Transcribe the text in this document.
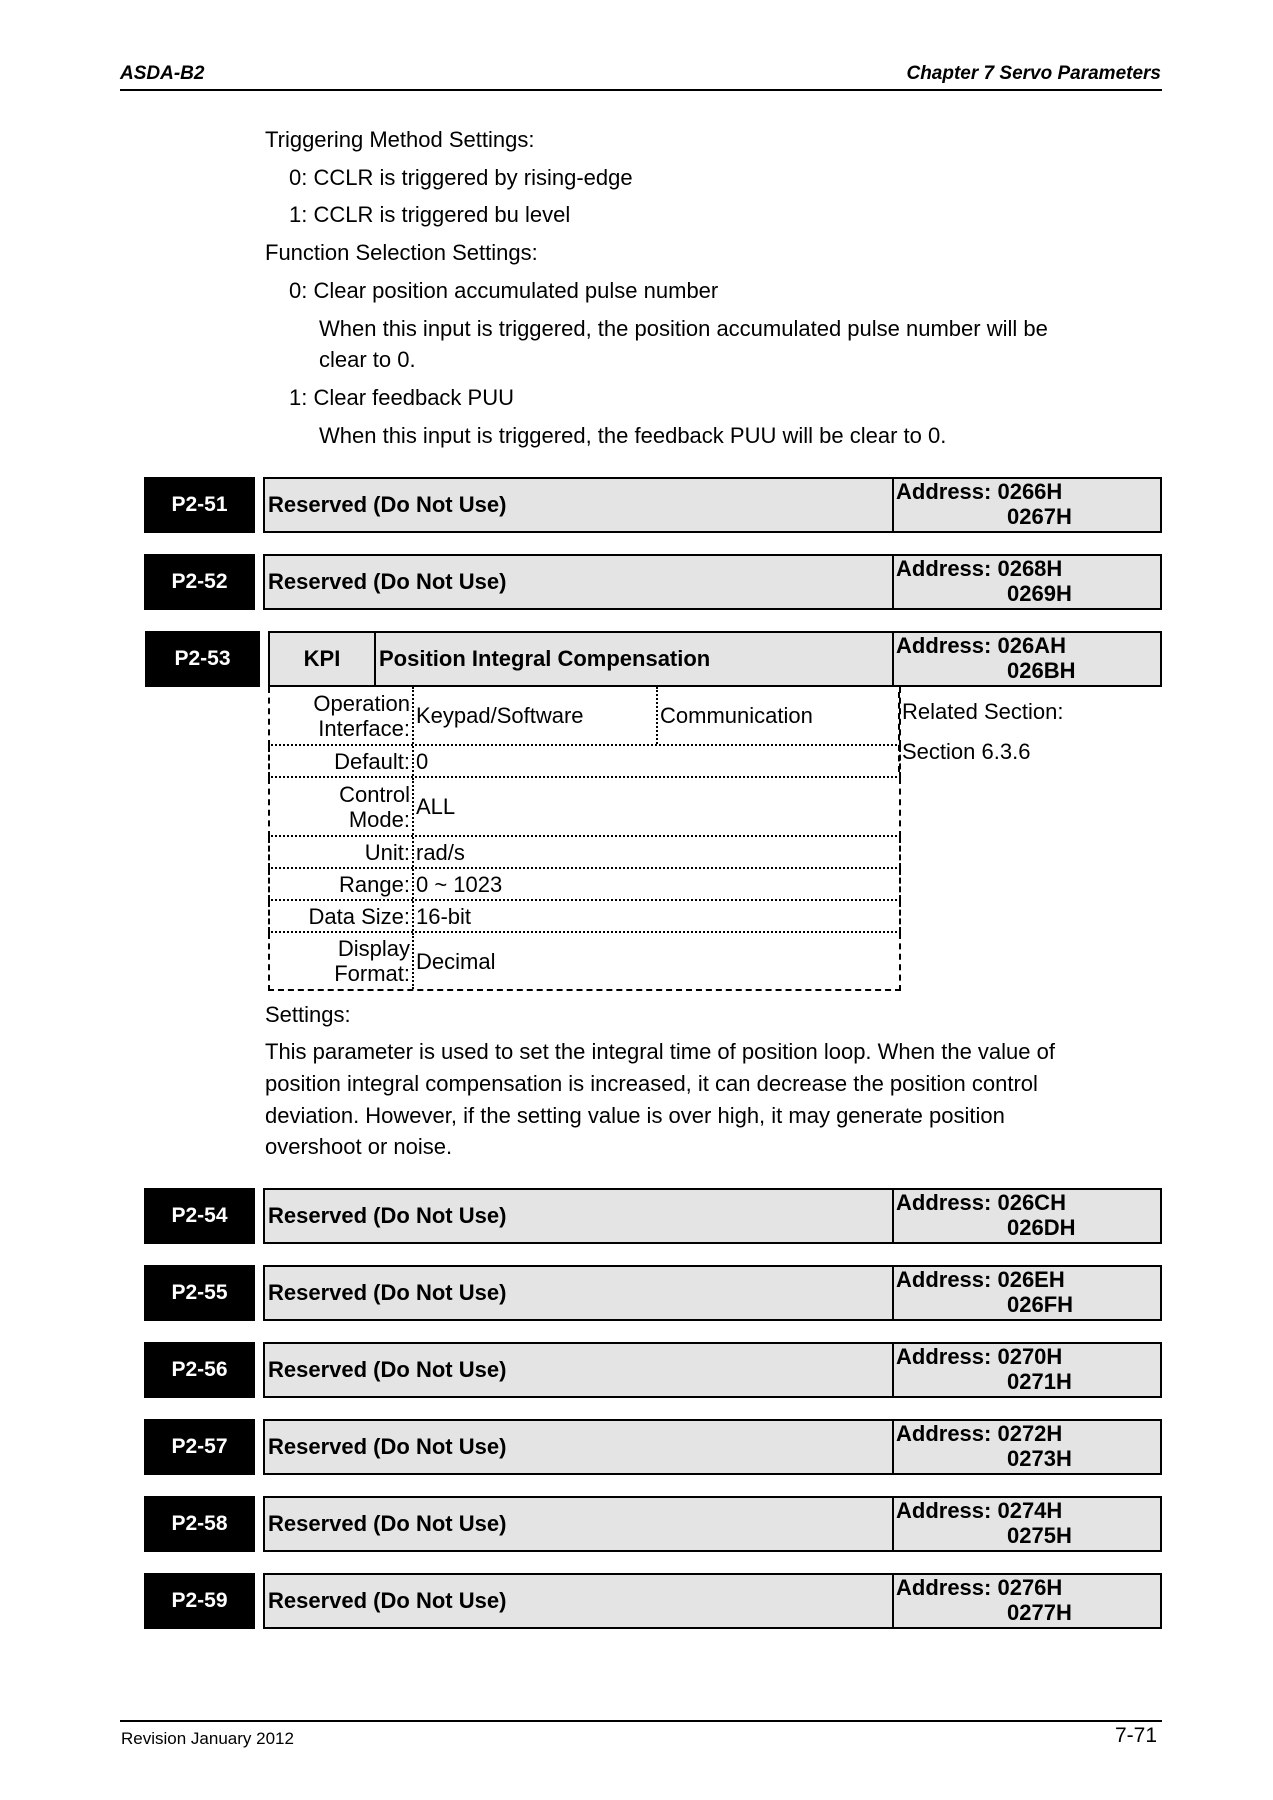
ASDA-B2	Chapter 7 Servo Parameters
Triggering Method Settings:
0: CCLR is triggered by rising-edge
1: CCLR is triggered bu level
Function Selection Settings:
0: Clear position accumulated pulse number
When this input is triggered, the position accumulated pulse number will be
clear to 0.
1: Clear feedback PUU
When this input is triggered, the feedback PUU will be clear to 0.
P2-51	Reserved (Do Not Use)
Address: 0266H
0267H
P2-52	Reserved (Do Not Use)
Address: 0268H
0269H
P2-53	KPI	Position Integral Compensation
Address: 026AH
026BH
Operation
Interface: Keypad/Software	Communication	Related Section:
Section 6.3.6
Default: 0
Control
Mode: ALL
Unit: rad/s
Range: 0 ~ 1023
Data Size: 16-bit
Display
Format: Decimal
Settings:
This parameter is used to set the integral time of position loop. When the value of
position integral compensation is increased, it can decrease the position control
deviation. However, if the setting value is over high, it may generate position
overshoot or noise.
P2-54	Reserved (Do Not Use)
Address: 026CH
026DH
P2-55	Reserved (Do Not Use)
Address: 026EH
026FH
P2-56	Reserved (Do Not Use)
Address: 0270H
0271H
P2-57	Reserved (Do Not Use)
Address: 0272H
0273H
P2-58	Reserved (Do Not Use)
Address: 0274H
0275H
P2-59	Reserved (Do Not Use)
Address: 0276H
0277H
Revision January 2012	7-71
